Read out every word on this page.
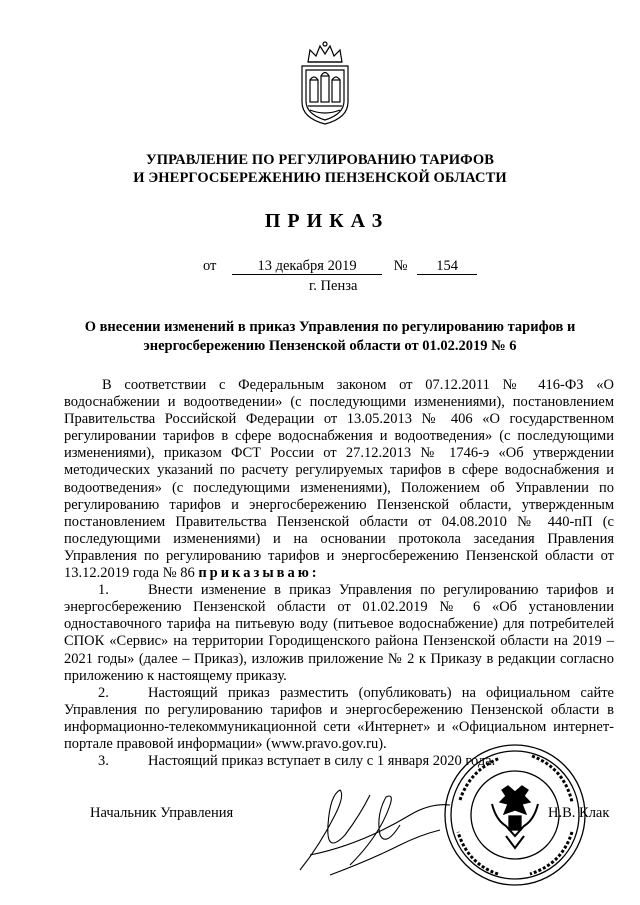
УПРАВЛЕНИЕ ПО РЕГУЛИРОВАНИЮ ТАРИФОВ
И ЭНЕРГОСБЕРЕЖЕНИЮ ПЕНЗЕНСКОЙ ОБЛАСТИ
ПРИКАЗ
от	13 декабря 2019	№ 154
г. Пенза
О внесении изменений в приказ Управления по регулированию тарифов и
энергосбережению Пензенской области от 01.02.2019 № 6

В соответствии с Федеральным законом от 07.12.2011 № 416-ФЗ «О водоснабжении и водоотведении» (с последующими изменениями), постановлением Правительства Российской Федерации от 13.05.2013 № 406 «О государственном регулировании тарифов в сфере водоснабжения и водоотведения» (с последующими изменениями), приказом ФСТ России от 27.12.2013 № 1746-э «Об утверждении методических указаний по расчету регулируемых тарифов в сфере водоснабжения и водоотведения» (с последующими изменениями), Положением об Управлении по регулированию тарифов и энергосбережению Пензенской области, утвержденным постановлением Правительства Пензенской области от 04.08.2010 № 440-пП (с последующими изменениями) и на основании протокола заседания Правления Управления по регулированию тарифов и энергосбережению Пензенской области от 13.12.2019 года № 86 приказываю:

1.	Внести изменение в приказ Управления по регулированию тарифов и энергосбережению Пензенской области от 01.02.2019 № 6 «Об установлении одноставочного тарифа на питьевую воду (питьевое водоснабжение) для потребителей СПОК «Сервис» на территории Городищенского района Пензенской области на 2019 – 2021 годы» (далее – Приказ), изложив приложение № 2 к Приказу в редакции согласно приложению к настоящему приказу.

2.	Настоящий приказ разместить (опубликовать) на официальном сайте Управления по регулированию тарифов и энергосбережению Пензенской области в информационно-телекоммуникационной сети «Интернет» и «Официальном интернет-портале правовой информации» (www.pravo.gov.ru).

3.	Настоящий приказ вступает в силу с 1 января 2020 года.

Начальник Управления	Н.В. Клак
